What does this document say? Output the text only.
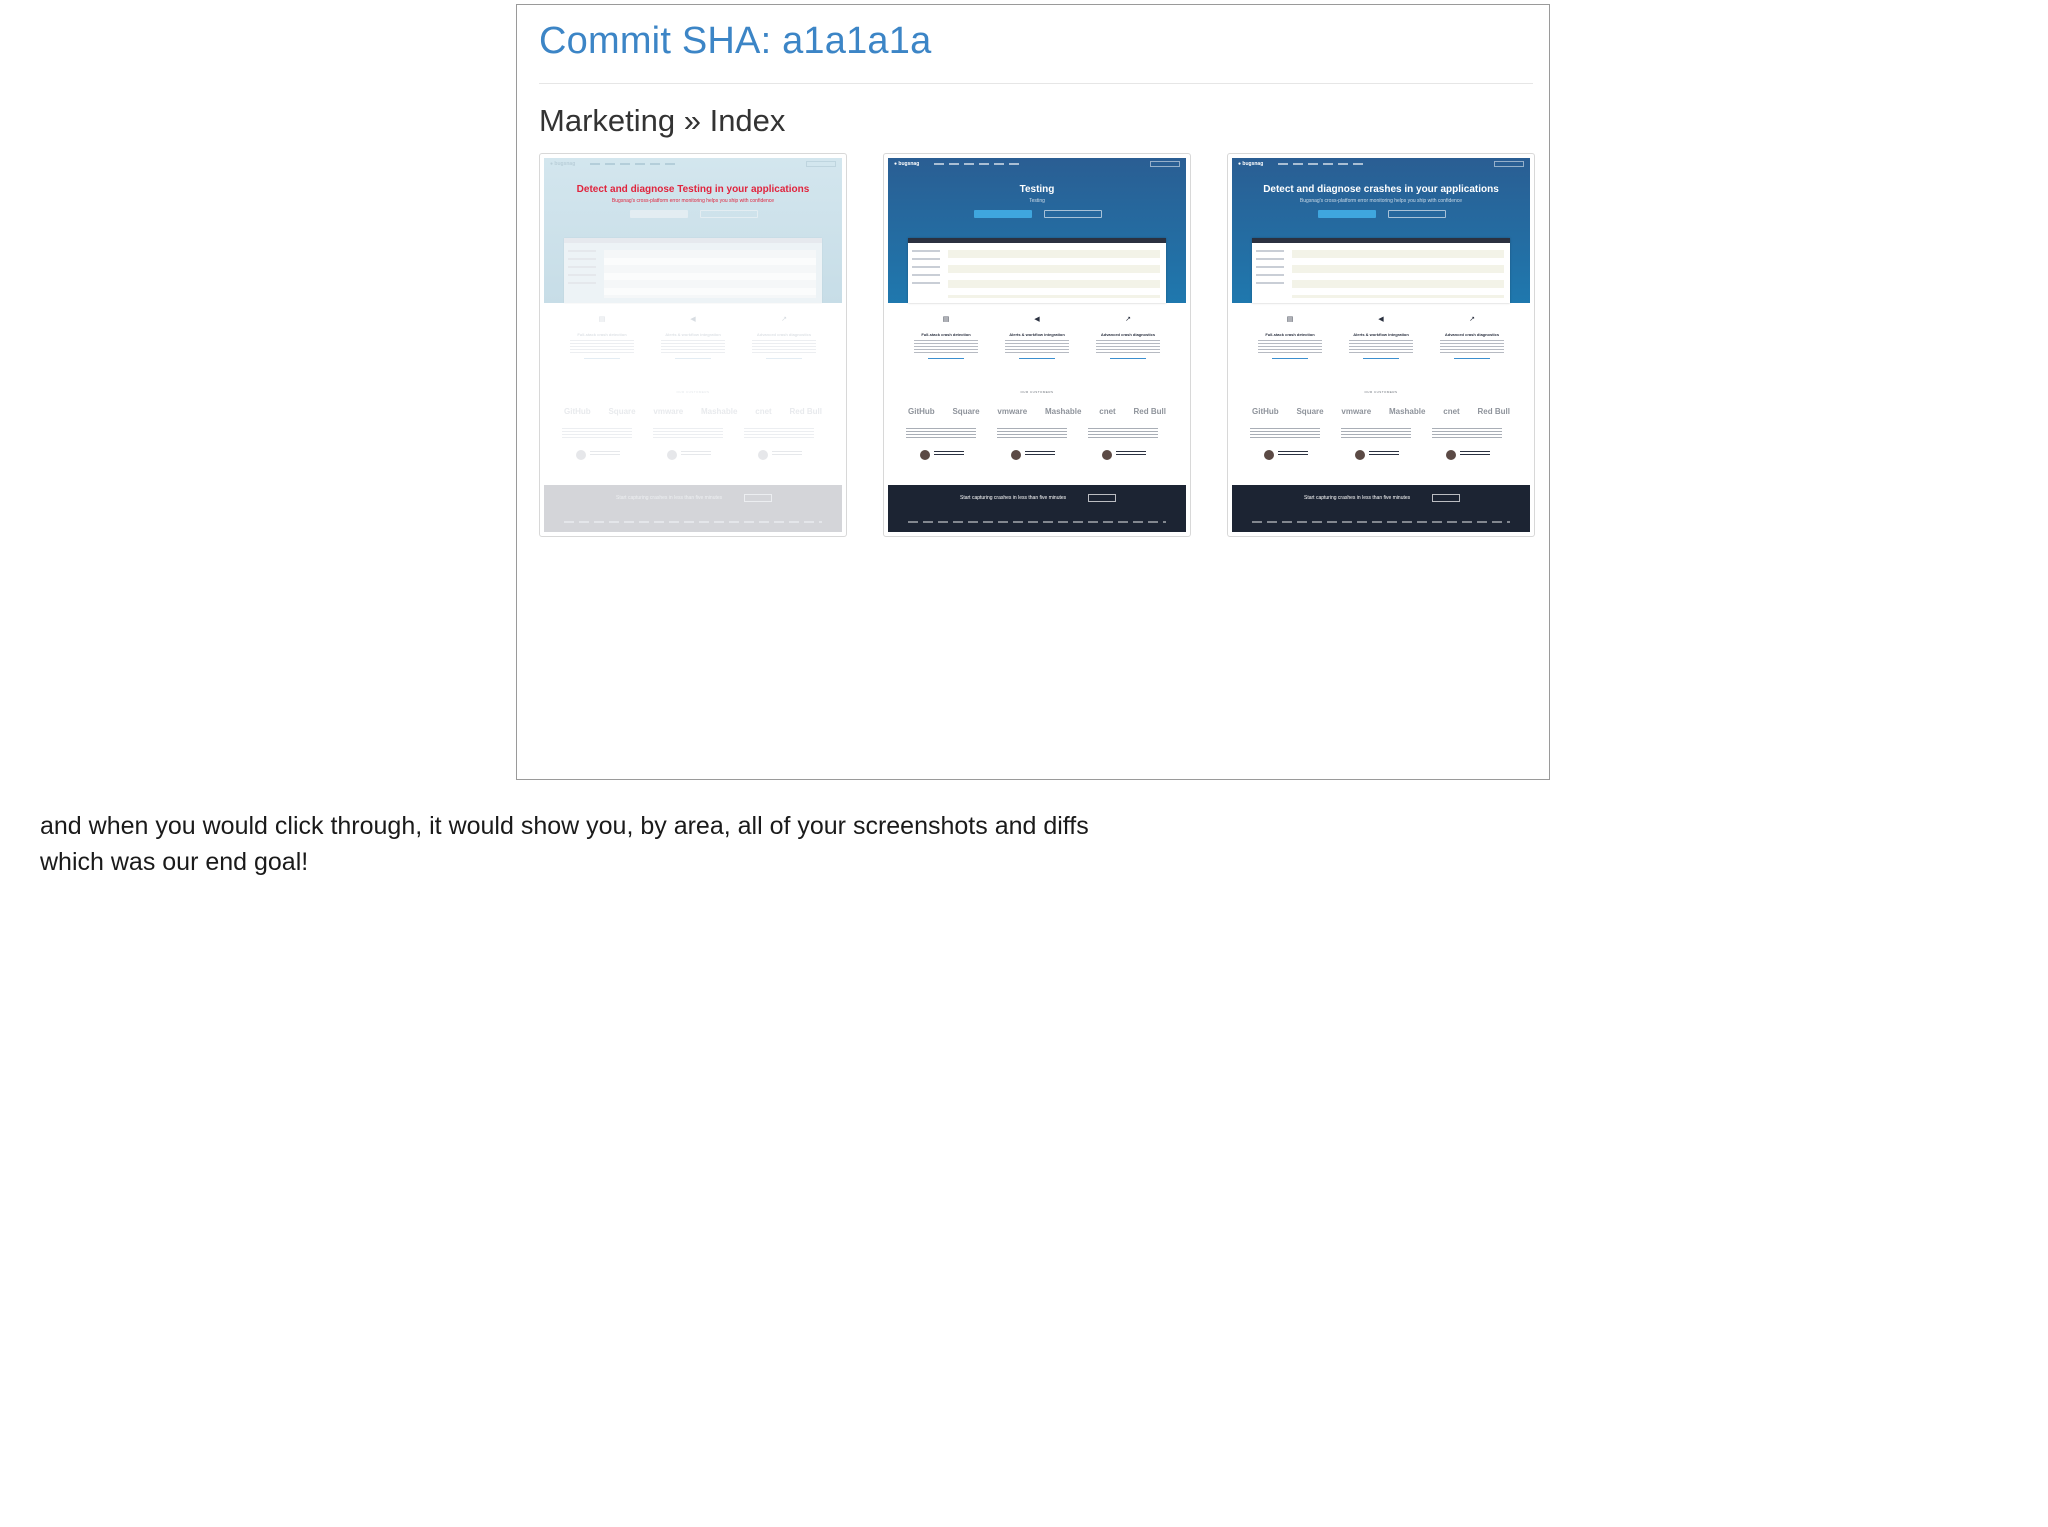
Commit SHA: a1a1a1a
Marketing » Index
● bugsnag
Detect and diagnose Testing in your applications
Bugsnag's cross-platform error monitoring helps you ship with confidence
▤
Full-stack crash detection
◀
Alerts & workflow integration
↗
Advanced crash diagnostics
OUR CUSTOMERS
GitHub Square vmware Mashable cnet Red Bull
Start capturing crashes in less than five minutes
● bugsnag
Testing
Testing
▤
Full-stack crash detection
◀
Alerts & workflow integration
↗
Advanced crash diagnostics
OUR CUSTOMERS
GitHub Square vmware Mashable cnet Red Bull
Start capturing crashes in less than five minutes
● bugsnag
Detect and diagnose crashes in your applications
Bugsnag's cross-platform error monitoring helps you ship with confidence
▤
Full-stack crash detection
◀
Alerts & workflow integration
↗
Advanced crash diagnostics
OUR CUSTOMERS
GitHub Square vmware Mashable cnet Red Bull
Start capturing crashes in less than five minutes

and when you would click through, it would show you, by area, all of your screenshots and diffs
which was our end goal!
